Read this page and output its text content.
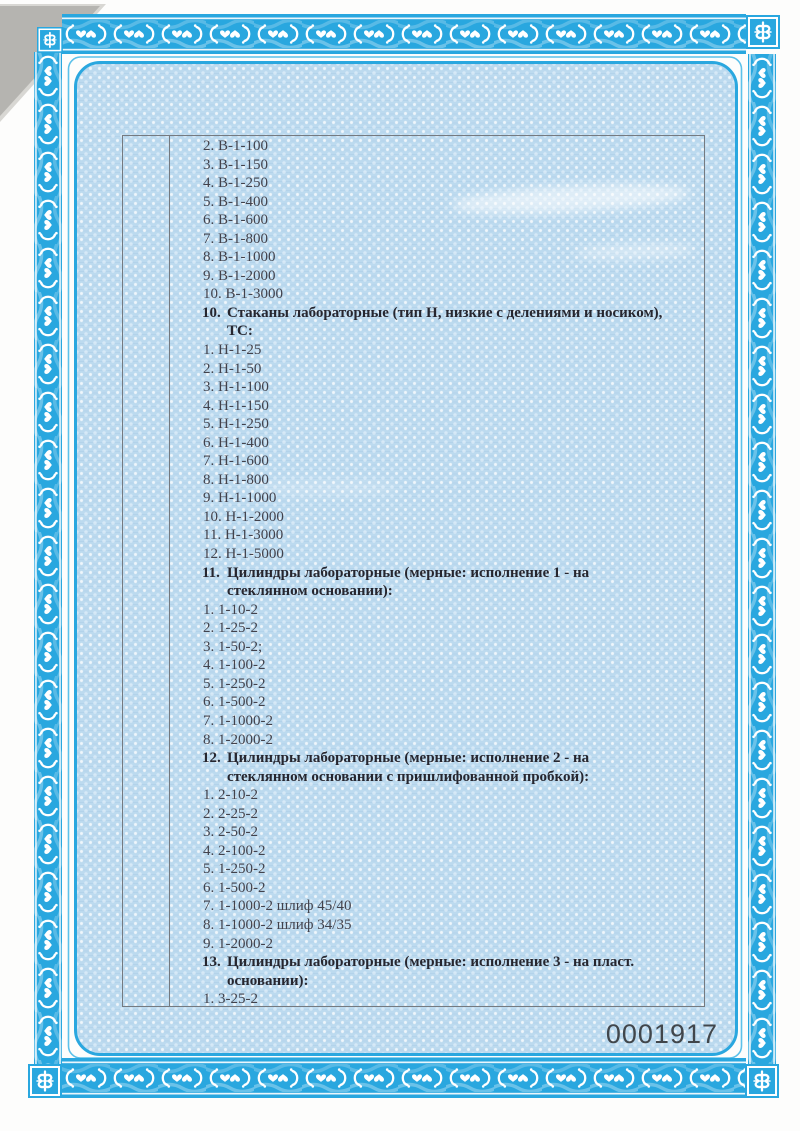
2. В-1-100
3. В-1-150
4. В-1-250
5. В-1-400
6. В-1-600
7. В-1-800
8. В-1-1000
9. В-1-2000
10. В-1-3000
10. Стаканы лабораторные (тип Н, низкие с делениями и носиком),
ТС:
1. Н-1-25
2. Н-1-50
3. Н-1-100
4. Н-1-150
5. Н-1-250
6. Н-1-400
7. Н-1-600
8. Н-1-800
9. Н-1-1000
10. Н-1-2000
11. Н-1-3000
12. Н-1-5000
11. Цилиндры лабораторные (мерные: исполнение 1 - на
стеклянном основании):
1. 1-10-2
2. 1-25-2
3. 1-50-2;
4. 1-100-2
5. 1-250-2
6. 1-500-2
7. 1-1000-2
8. 1-2000-2
12. Цилиндры лабораторные (мерные: исполнение 2 - на
стеклянном основании с пришлифованной пробкой):
1. 2-10-2
2. 2-25-2
3. 2-50-2
4. 2-100-2
5. 1-250-2
6. 1-500-2
7. 1-1000-2 шлиф 45/40
8. 1-1000-2 шлиф 34/35
9. 1-2000-2
13. Цилиндры лабораторные (мерные: исполнение 3 - на пласт.
основании):
1. 3-25-2
0001917
